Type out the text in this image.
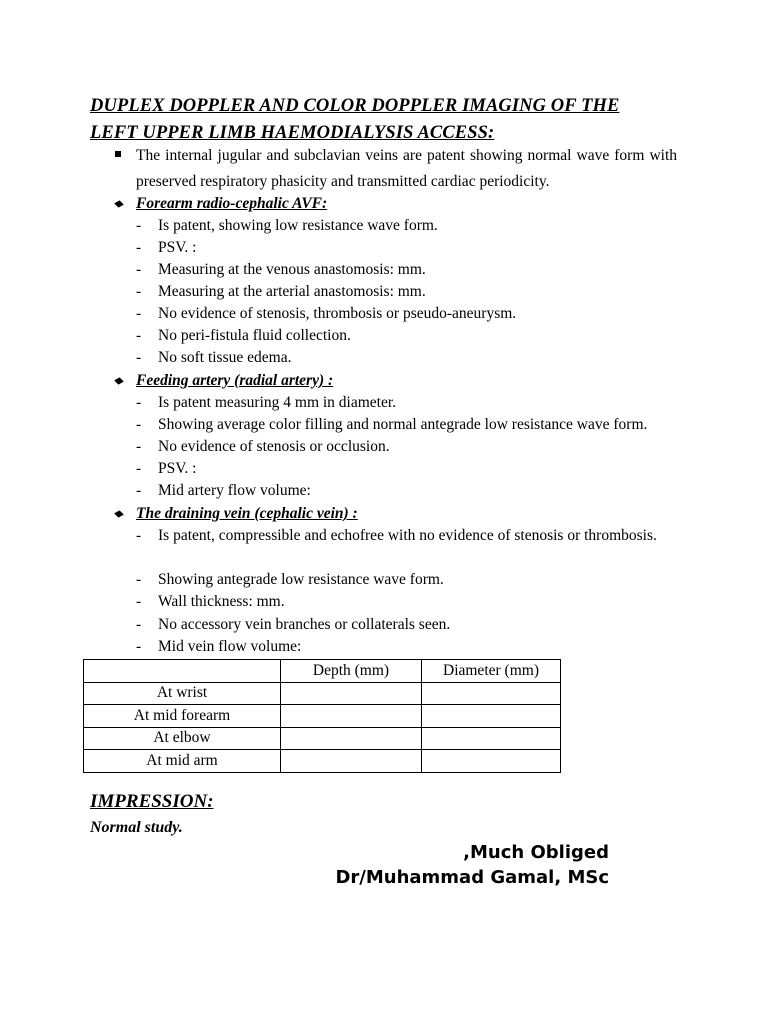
DUPLEX DOPPLER AND COLOR DOPPLER IMAGING OF THE
LEFT UPPER LIMB HAEMODIALYSIS ACCESS:
The internal jugular and subclavian veins are patent showing normal wave form with preserved respiratory phasicity and transmitted cardiac periodicity.
Forearm radio-cephalic AVF:
- Is patent, showing low resistance wave form.
- PSV. :
- Measuring at the venous anastomosis: mm.
- Measuring at the arterial anastomosis: mm.
- No evidence of stenosis, thrombosis or pseudo-aneurysm.
- No peri-fistula fluid collection.
- No soft tissue edema.
Feeding artery (radial artery) :
- Is patent measuring 4 mm in diameter.
- Showing average color filling and normal antegrade low resistance wave form.
- No evidence of stenosis or occlusion.
- PSV. :
- Mid artery flow volume:
The draining vein (cephalic vein) :
- Is patent, compressible and echofree with no evidence of stenosis or thrombosis.
- Showing antegrade low resistance wave form.
- Wall thickness: mm.
- No accessory vein branches or collaterals seen.
- Mid vein flow volume:
	Depth (mm)	Diameter (mm)
At wrist		
At mid forearm		
At elbow		
At mid arm		
IMPRESSION:
Normal study.
,Much Obliged
Dr/Muhammad Gamal, MSc
